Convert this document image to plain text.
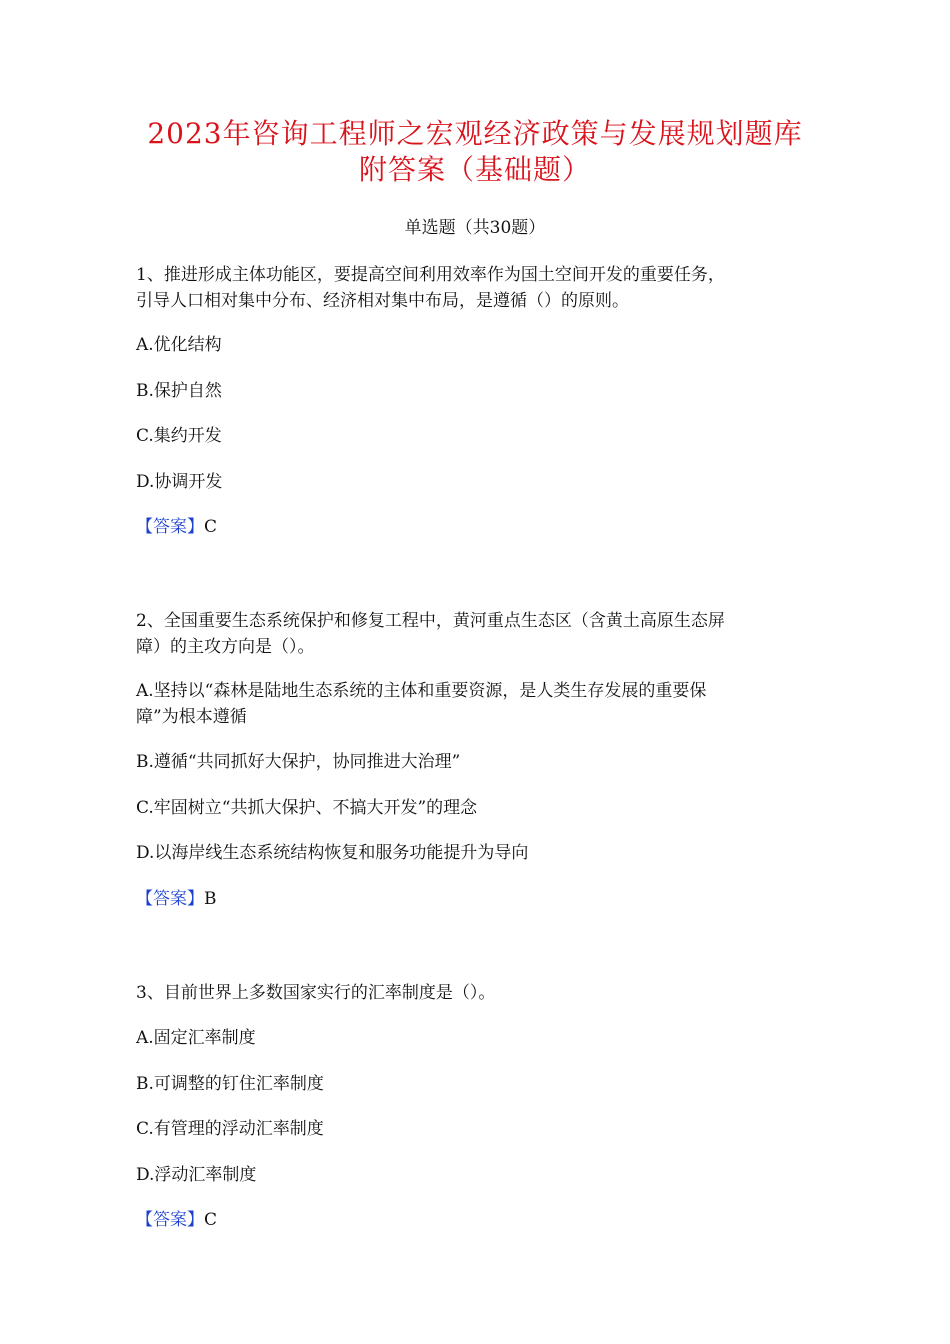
2023年咨询工程师之宏观经济政策与发展规划题库
附答案（基础题）
单选题（共30题）
1、推进形成主体功能区，要提高空间利用效率作为国土空间开发的重要任务，
引导人口相对集中分布、经济相对集中布局，是遵循（）的原则。
A.优化结构
B.保护自然
C.集约开发
D.协调开发
【答案】C
2、全国重要生态系统保护和修复工程中，黄河重点生态区（含黄土高原生态屏
障）的主攻方向是（）。
A.坚持以“森林是陆地生态系统的主体和重要资源，是人类生存发展的重要保
障”为根本遵循
B.遵循“共同抓好大保护，协同推进大治理”
C.牢固树立“共抓大保护、不搞大开发”的理念
D.以海岸线生态系统结构恢复和服务功能提升为导向
【答案】B
3、目前世界上多数国家实行的汇率制度是（）。
A.固定汇率制度
B.可调整的钉住汇率制度
C.有管理的浮动汇率制度
D.浮动汇率制度
【答案】C
